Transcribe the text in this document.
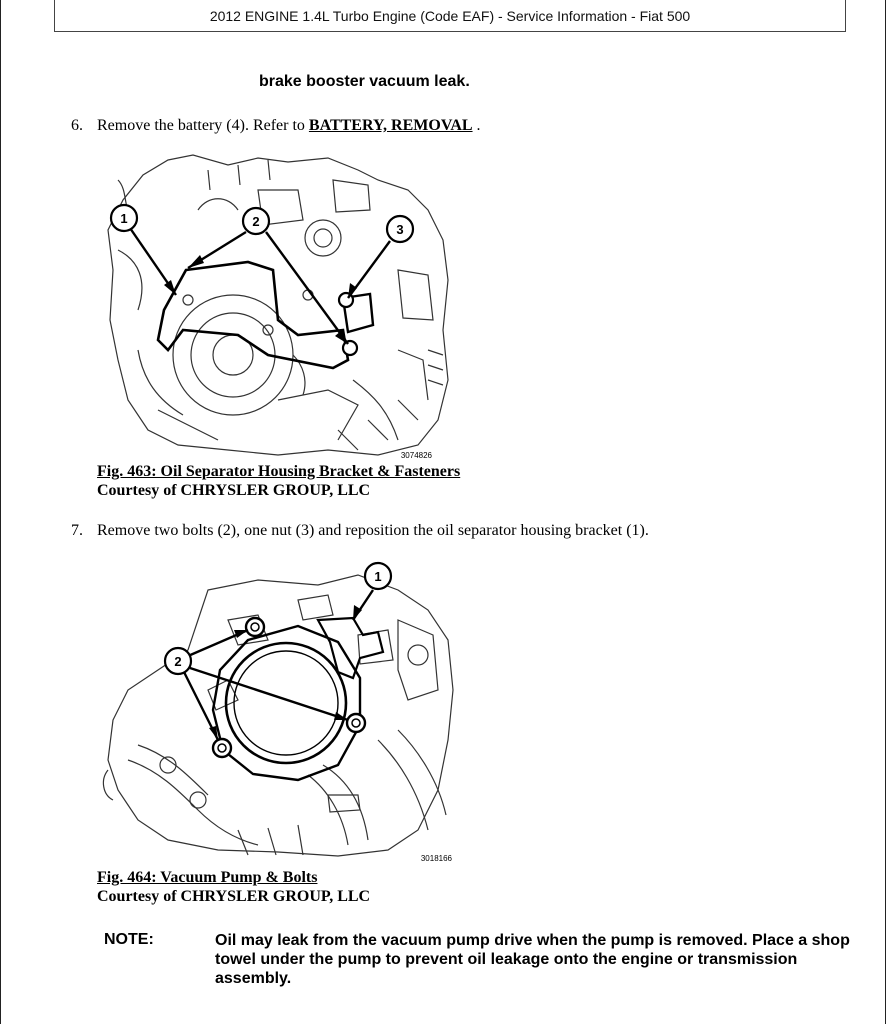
2012 ENGINE 1.4L Turbo Engine (Code EAF) - Service Information - Fiat 500
brake booster vacuum leak.
6. Remove the battery (4). Refer to BATTERY, REMOVAL .
1	2
3
3074826
Fig. 463: Oil Separator Housing Bracket & Fasteners
Courtesy of CHRYSLER GROUP, LLC
7. Remove two bolts (2), one nut (3) and reposition the oil separator housing bracket (1).
1
2
3018166
Fig. 464: Vacuum Pump & Bolts
Courtesy of CHRYSLER GROUP, LLC
NOTE:	Oil may leak from the vacuum pump drive when the pump is removed. Place a shop towel under the pump to prevent oil leakage onto the engine or transmission assembly.
